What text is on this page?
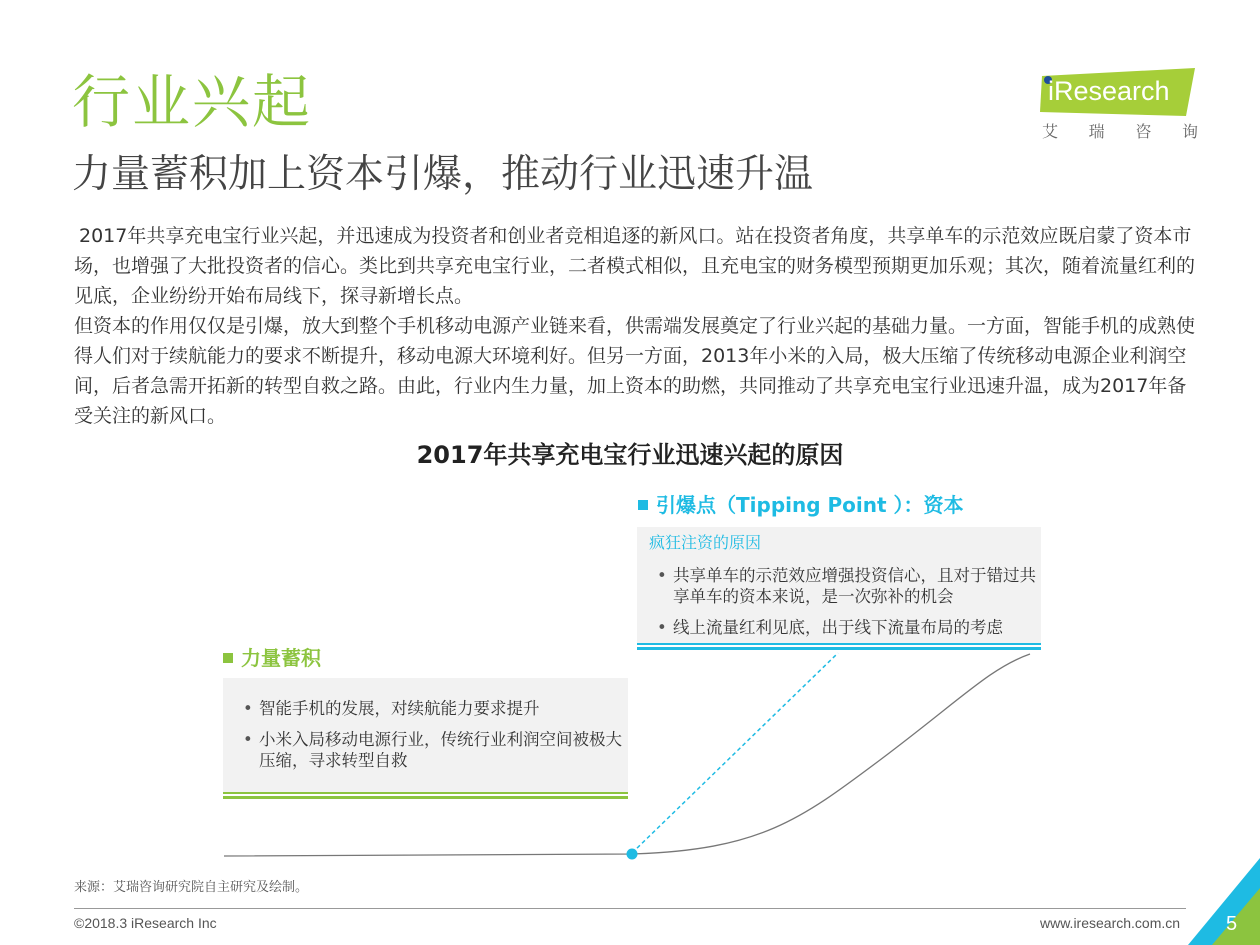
行业兴起
力量蓄积加上资本引爆，推动行业迅速升温
iResearch
艾 瑞 咨 询

2017年共享充电宝行业兴起，并迅速成为投资者和创业者竞相追逐的新风口。站在投资者角度，共享单车的示范效应既启蒙了资本市场，也增强了大批投资者的信心。类比到共享充电宝行业，二者模式相似，且充电宝的财务模型预期更加乐观；其次，随着流量红利的见底，企业纷纷开始布局线下，探寻新增长点。

但资本的作用仅仅是引爆，放大到整个手机移动电源产业链来看，供需端发展奠定了行业兴起的基础力量。一方面，智能手机的成熟使得人们对于续航能力的要求不断提升，移动电源大环境利好。但另一方面，2013年小米的入局，极大压缩了传统移动电源企业利润空间，后者急需开拓新的转型自救之路。由此，行业内生力量，加上资本的助燃，共同推动了共享充电宝行业迅速升温，成为2017年备受关注的新风口。

2017年共享充电宝行业迅速兴起的原因
引爆点（Tipping Point ）：资本
疯狂注资的原因
• 共享单车的示范效应增强投资信心，且对于错过共享单车的资本来说，是一次弥补的机会
• 线上流量红利见底，出于线下流量布局的考虑
力量蓄积
• 智能手机的发展，对续航能力要求提升
• 小米入局移动电源行业，传统行业利润空间被极大压缩，寻求转型自救
来源：艾瑞咨询研究院自主研究及绘制。
©2018.3 iResearch Inc	www.iresearch.com.cn 5
